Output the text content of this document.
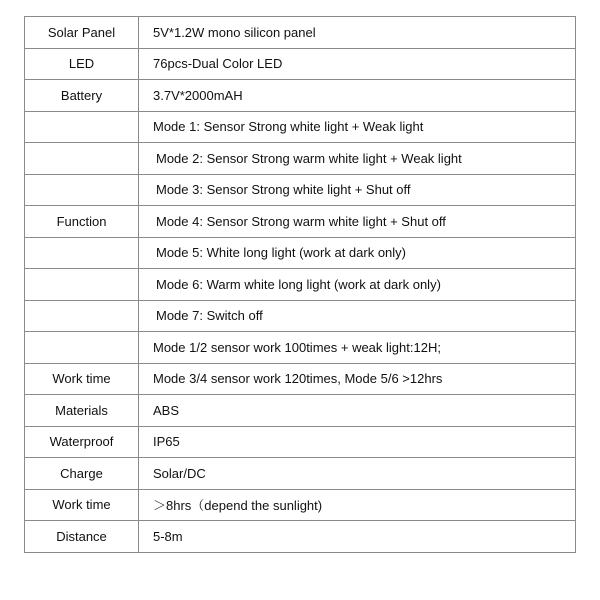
Solar Panel	5V*1.2W mono silicon panel
LED	76pcs-Dual Color LED
Battery	3.7V*2000mAH
	Mode 1: Sensor Strong white light + Weak light
	Mode 2: Sensor Strong warm white light + Weak light
	Mode 3: Sensor Strong white light + Shut off
Function	Mode 4: Sensor Strong warm white light + Shut off
	Mode 5: White long light (work at dark only)
	Mode 6: Warm white long light (work at dark only)
	Mode 7: Switch off
	Mode 1/2 sensor work 100times + weak light:12H;
Work time	Mode 3/4 sensor work 120times, Mode 5/6 >12hrs
Materials	ABS
Waterproof	IP65
Charge	Solar/DC
Work time	＞8hrs（depend the sunlight)
Distance	5-8m
